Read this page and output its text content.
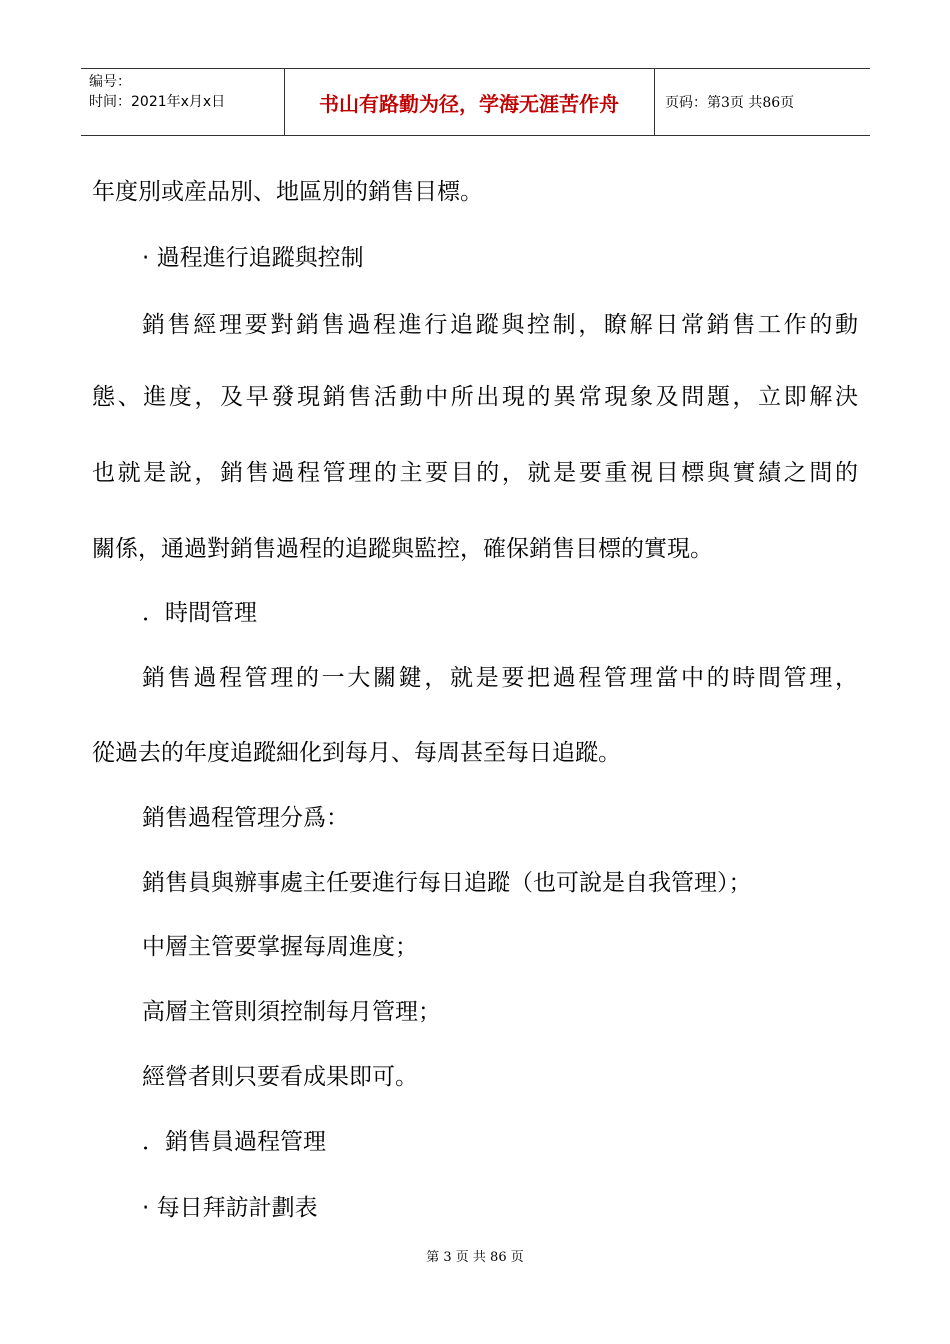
编号：
时间：2021年x月x日	书山有路勤为径，学海无涯苦作舟	页码：第3页 共86页
年度別或産品別、地區別的銷售目標。
· 過程進行追蹤與控制
銷售經理要對銷售過程進行追蹤與控制，瞭解日常銷售工作的動
態、進度，及早發現銷售活動中所出現的異常現象及問題，立即解決
也就是說，銷售過程管理的主要目的，就是要重視目標與實績之間的
關係，通過對銷售過程的追蹤與監控，確保銷售目標的實現。
．時間管理
銷售過程管理的一大關鍵，就是要把過程管理當中的時間管理，
從過去的年度追蹤細化到每月、每周甚至每日追蹤。
銷售過程管理分爲：
銷售員與辦事處主任要進行每日追蹤（也可說是自我管理）；
中層主管要掌握每周進度；
高層主管則須控制每月管理；
經營者則只要看成果即可。
．銷售員過程管理
· 每日拜訪計劃表
第 3 页 共 86 页
